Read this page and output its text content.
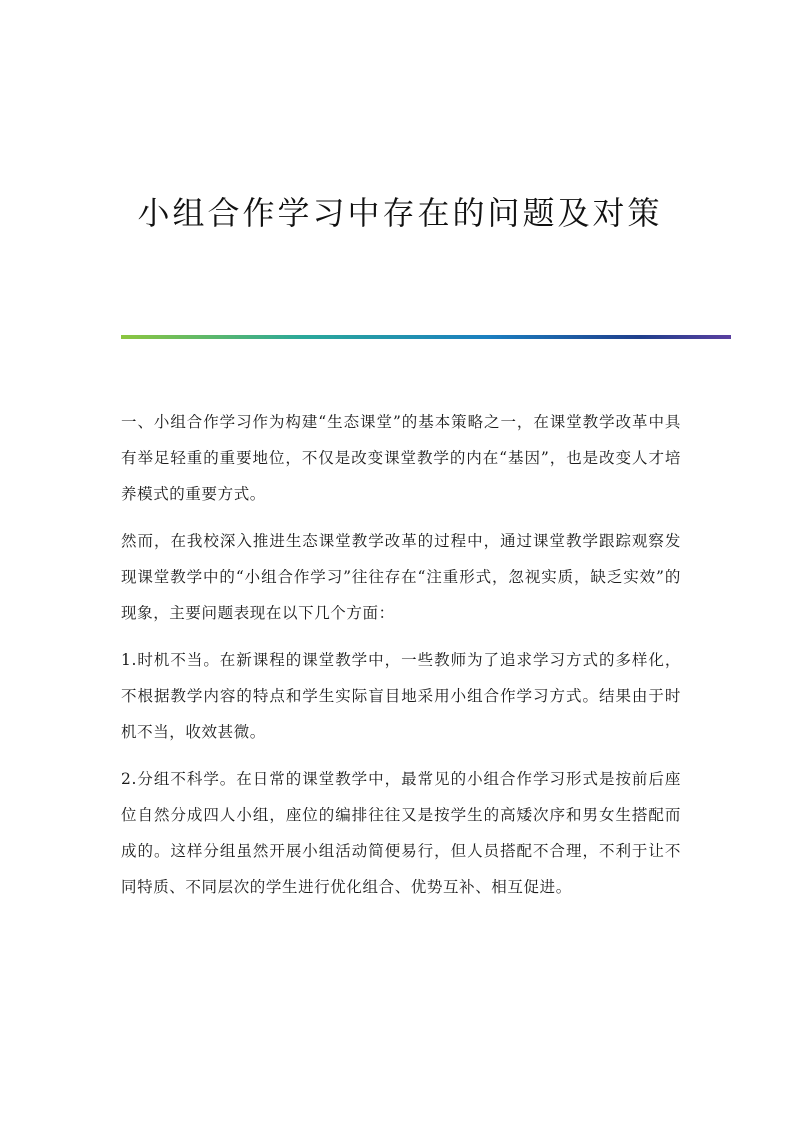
小组合作学习中存在的问题及对策

一、小组合作学习作为构建“生态课堂”的基本策略之一，在课堂教学改革中具有举足轻重的重要地位，不仅是改变课堂教学的内在“基因”，也是改变人才培养模式的重要方式。

然而，在我校深入推进生态课堂教学改革的过程中，通过课堂教学跟踪观察发现课堂教学中的“小组合作学习”往往存在“注重形式，忽视实质，缺乏实效”的现象，主要问题表现在以下几个方面：

1.时机不当。在新课程的课堂教学中，一些教师为了追求学习方式的多样化，不根据教学内容的特点和学生实际盲目地采用小组合作学习方式。结果由于时机不当，收效甚微。

2.分组不科学。在日常的课堂教学中，最常见的小组合作学习形式是按前后座位自然分成四人小组，座位的编排往往又是按学生的高矮次序和男女生搭配而成的。这样分组虽然开展小组活动简便易行，但人员搭配不合理，不利于让不同特质、不同层次的学生进行优化组合、优势互补、相互促进。
